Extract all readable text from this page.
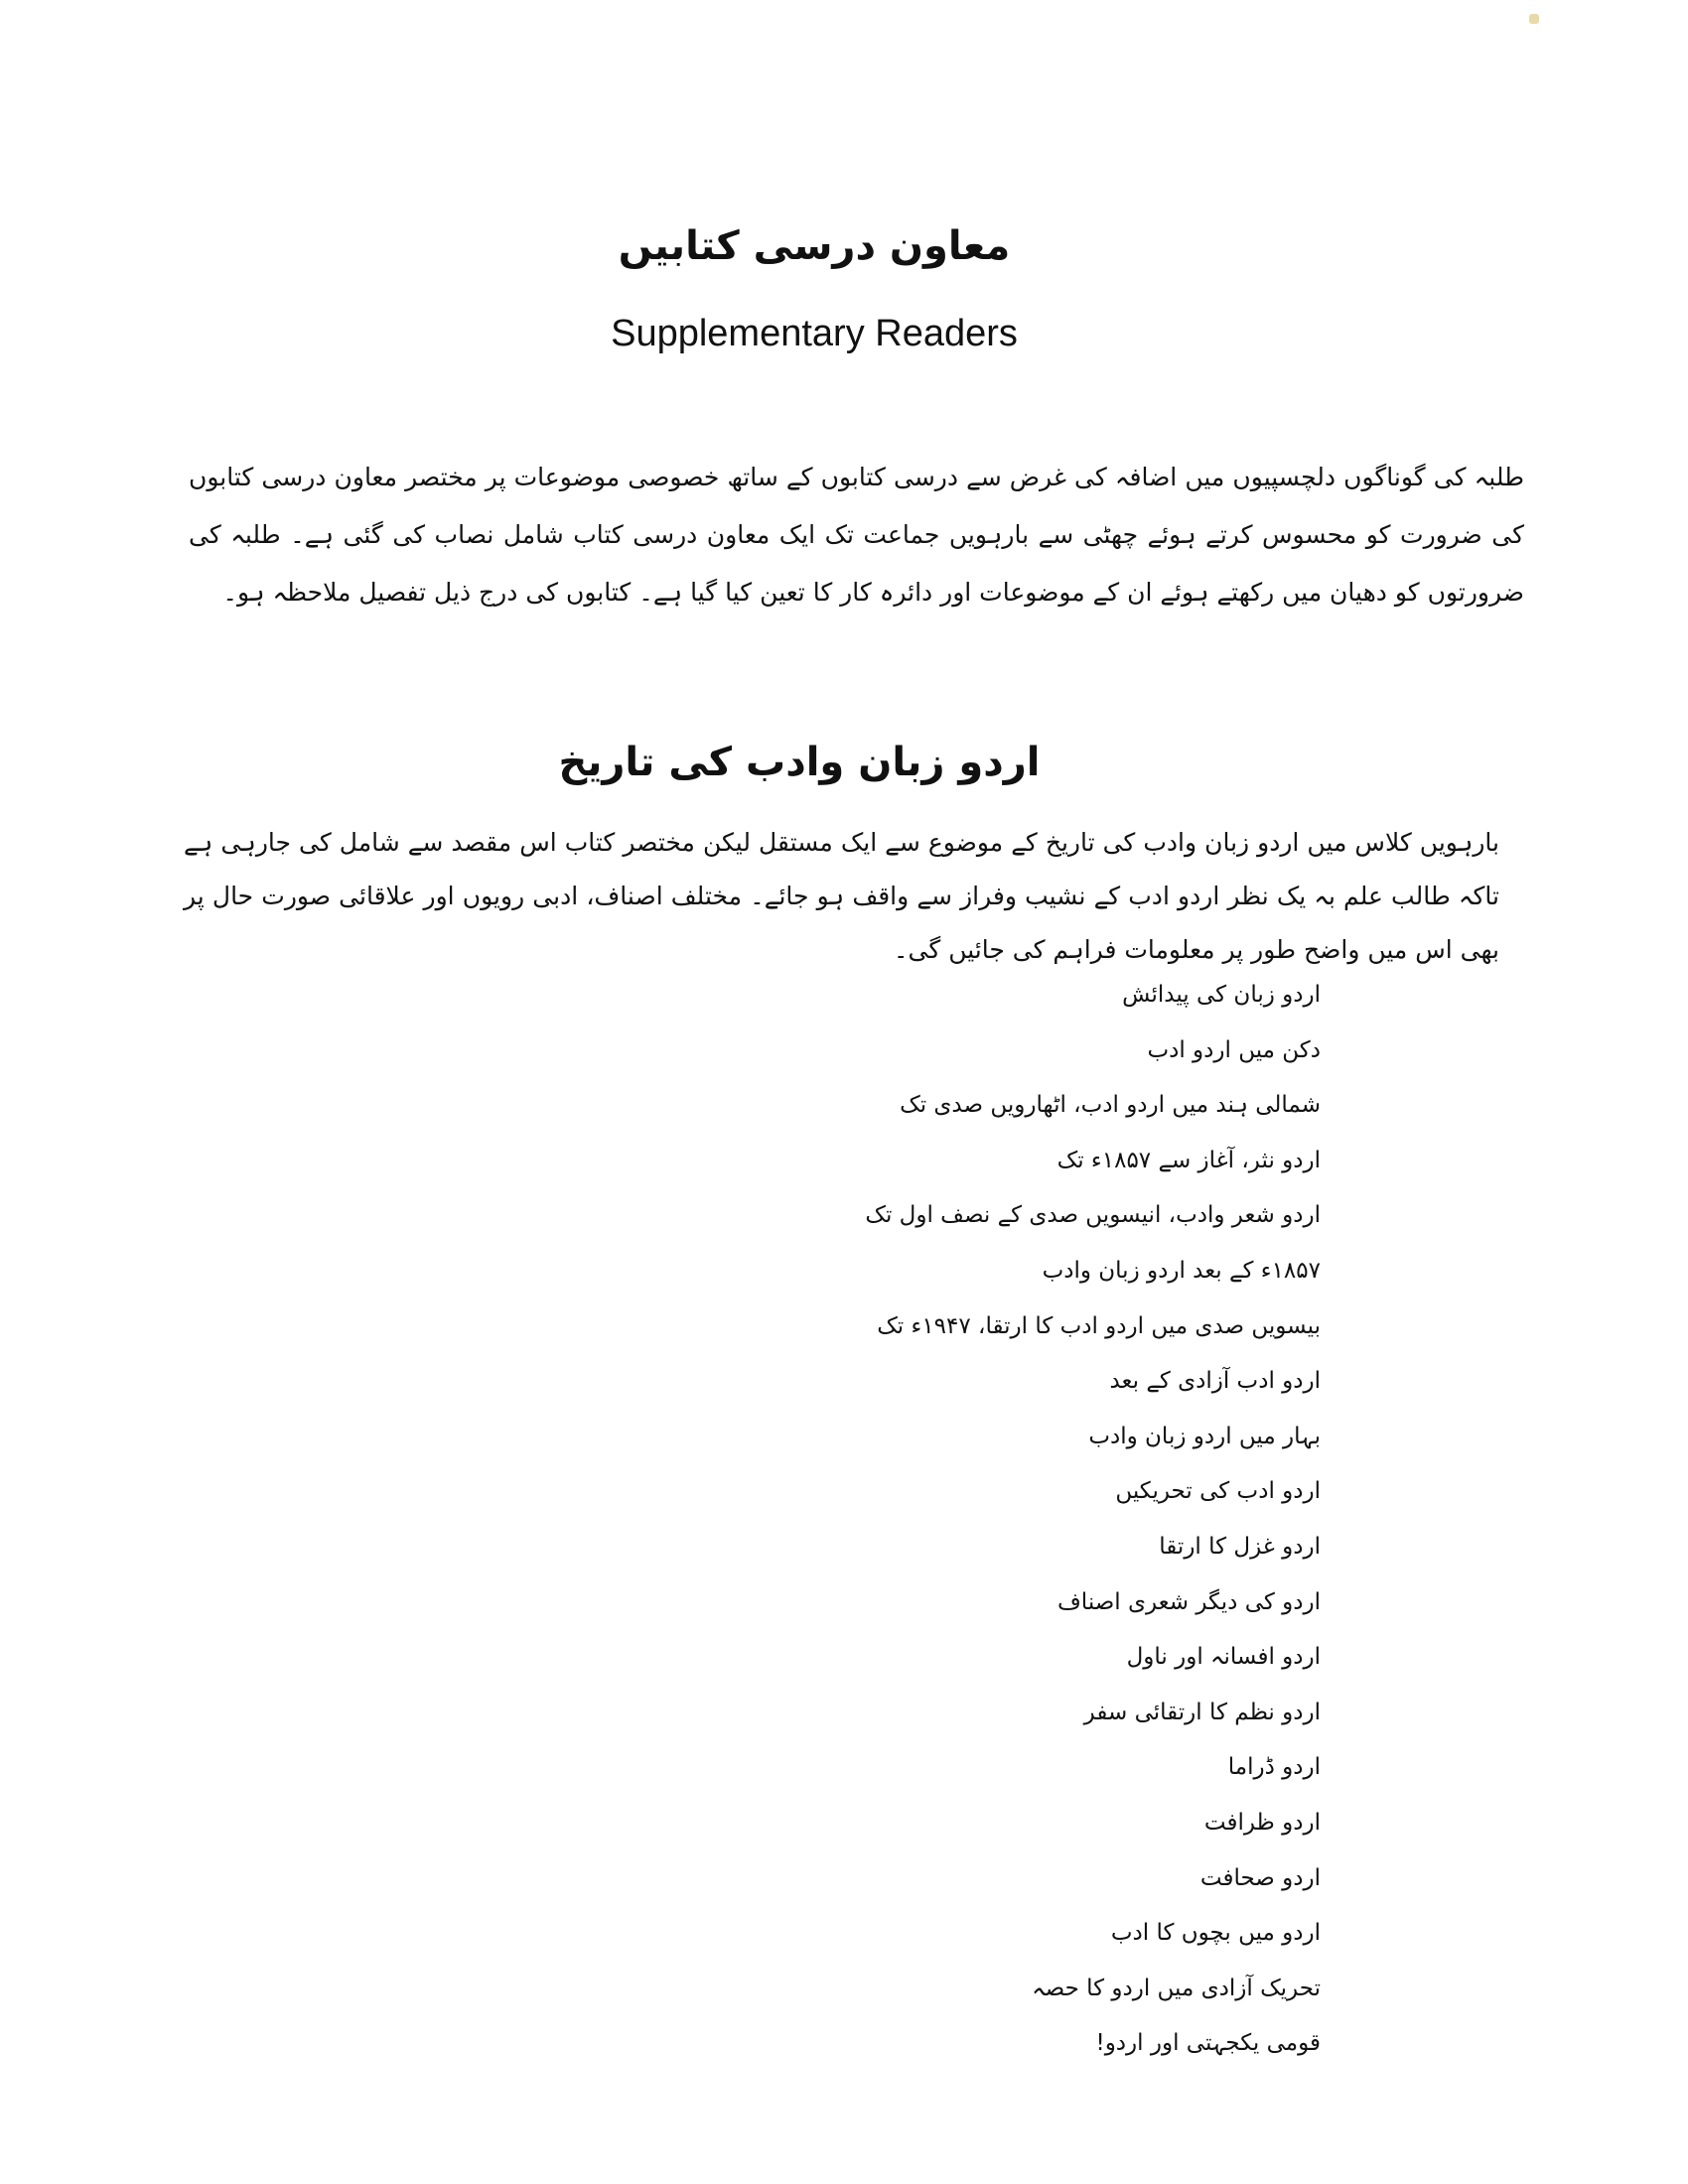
معاون درسی کتابیں
Supplementary Readers

طلبہ کی گوناگوں دلچسپیوں میں اضافہ کی غرض سے درسی کتابوں کے ساتھ خصوصی موضوعات پر مختصر معاون درسی کتابوں کی ضرورت کو محسوس کرتے ہوئے چھٹی سے بارہویں جماعت تک ایک معاون درسی کتاب شامل نصاب کی گئی ہے۔ طلبہ کی ضرورتوں کو دھیان میں رکھتے ہوئے ان کے موضوعات اور دائرہ کار کا تعین کیا گیا ہے۔ کتابوں کی درج ذیل تفصیل ملاحظہ ہو۔

اردو زبان وادب کی تاریخ

بارہویں کلاس میں اردو زبان وادب کی تاریخ کے موضوع سے ایک مستقل لیکن مختصر کتاب اس مقصد سے شامل کی جارہی ہے تاکہ طالب علم بہ یک نظر اردو ادب کے نشیب وفراز سے واقف ہو جائے۔ مختلف اصناف، ادبی رویوں اور علاقائی صورت حال پر بھی اس میں واضح طور پر معلومات فراہم کی جائیں گی۔

اردو زبان کی پیدائش
دکن میں اردو ادب
شمالی ہند میں اردو ادب، اٹھارویں صدی تک
اردو نثر، آغاز سے ۱۸۵۷ء تک
اردو شعر وادب، انیسویں صدی کے نصف اول تک
۱۸۵۷ء کے بعد اردو زبان وادب
بیسویں صدی میں اردو ادب کا ارتقا، ۱۹۴۷ء تک
اردو ادب آزادی کے بعد
بہار میں اردو زبان وادب
اردو ادب کی تحریکیں
اردو غزل کا ارتقا
اردو کی دیگر شعری اصناف
اردو افسانہ اور ناول
اردو نظم کا ارتقائی سفر
اردو ڈراما
اردو ظرافت
اردو صحافت
اردو میں بچوں کا ادب
تحریک آزادی میں اردو کا حصہ
قومی یکجہتی اور اردو!
